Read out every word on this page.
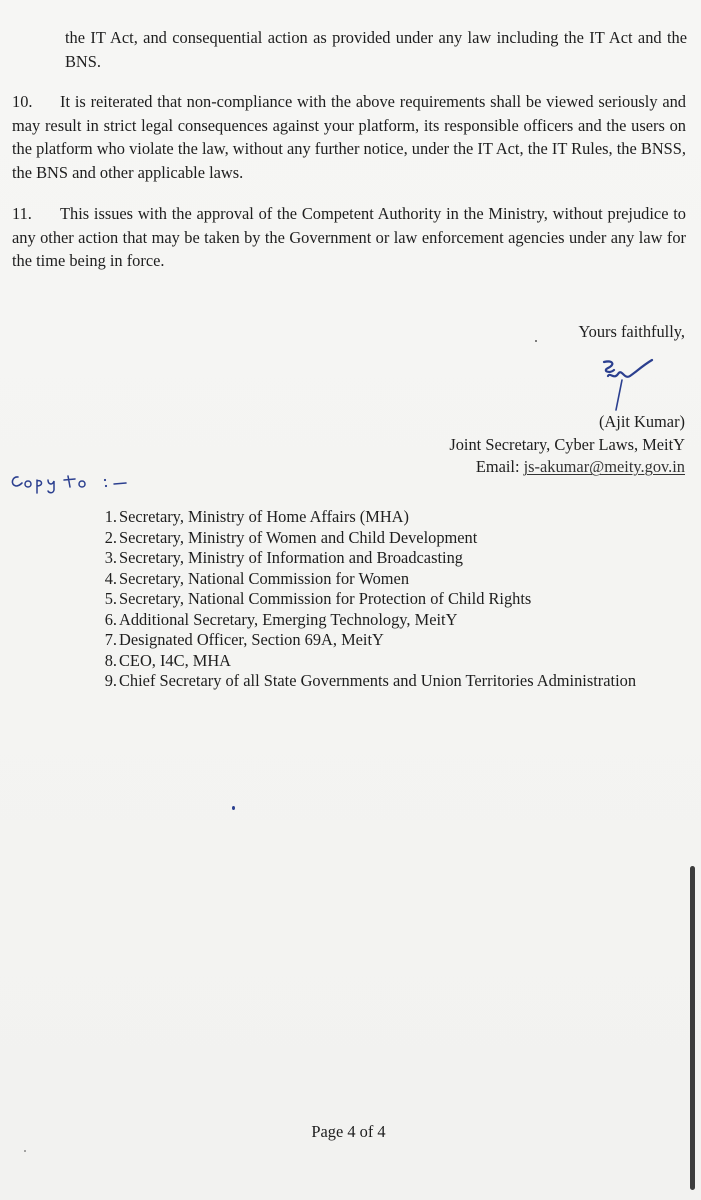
the IT Act, and consequential action as provided under any law including the IT Act and the BNS.

10. It is reiterated that non-compliance with the above requirements shall be viewed seriously and may result in strict legal consequences against your platform, its responsible officers and the users on the platform who violate the law, without any further notice, under the IT Act, the IT Rules, the BNSS, the BNS and other applicable laws.

11. This issues with the approval of the Competent Authority in the Ministry, without prejudice to any other action that may be taken by the Government or law enforcement agencies under any law for the time being in force.

Yours faithfully,
(Ajit Kumar)
Joint Secretary, Cyber Laws, MeitY
Email: js-akumar@meity.gov.in
1. Secretary, Ministry of Home Affairs (MHA)
2. Secretary, Ministry of Women and Child Development
3. Secretary, Ministry of Information and Broadcasting
4. Secretary, National Commission for Women
5. Secretary, National Commission for Protection of Child Rights
6. Additional Secretary, Emerging Technology, MeitY
7. Designated Officer, Section 69A, MeitY
8. CEO, I4C, MHA
9. Chief Secretary of all State Governments and Union Territories Administration
Page 4 of 4
